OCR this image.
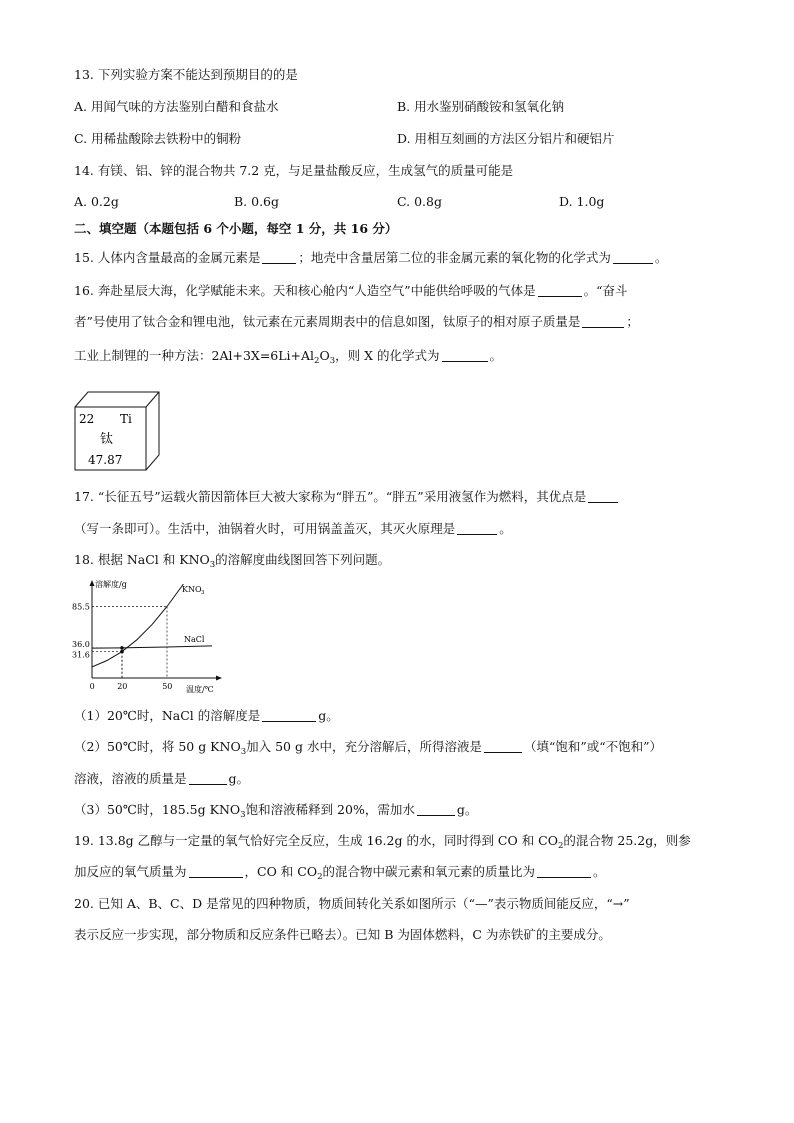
13. 下列实验方案不能达到预期目的的是
A. 用闻气味的方法鉴别白醋和食盐水	B. 用水鉴别硝酸铵和氢氧化钠
C. 用稀盐酸除去铁粉中的铜粉	D. 用相互刻画的方法区分铝片和硬铝片
14. 有镁、铝、锌的混合物共 7.2 克，与足量盐酸反应，生成氢气的质量可能是
A. 0.2g	B. 0.6g	C. 0.8g	D. 1.0g
二、填空题（本题包括 6 个小题，每空 1 分，共 16 分）
15. 人体内含量最高的金属元素是	；地壳中含量居第二位的非金属元素的氧化物的化学式为	。
16. 奔赴星辰大海，化学赋能未来。天和核心舱内“人造空气”中能供给呼吸的气体是	。“奋斗
者”号使用了钛合金和锂电池，钛元素在元素周期表中的信息如图，钛原子的相对原子质量是	；
工业上制锂的一种方法：$2Al+3X=6Li+Al_2O_3$，则 X 的化学式为	。
22 Ti
钛
47.87
17. “长征五号”运载火箭因箭体巨大被大家称为“胖五”。“胖五”采用液氢作为燃料，其优点是
（写一条即可）。生活中，油锅着火时，可用锅盖盖灭，其灭火原理是	。
18. 根据 NaCl 和 $KNO_3$的溶解度曲线图回答下列问题。
溶解度/g
温度/℃
KNO 3
NaCl
85.5
36.0
31.6
0	20	50
（1）20℃时，NaCl 的溶解度是	g。
（2）50℃时，将 50 g $KNO_3$加入 50 g 水中，充分溶解后，所得溶液是	（填“饱和”或“不饱和”）
溶液，溶液的质量是	g。
（3）50℃时，185.5g $KNO_3$饱和溶液稀释到 20%，需加水	g。
19. 13.8g 乙醇与一定量的氧气恰好完全反应，生成 16.2g 的水，同时得到 CO 和 $CO_2$的混合物 25.2g，则参
加反应的氧气质量为	，CO 和 $CO_2$的混合物中碳元素和氧元素的质量比为	。
20. 已知 A、B、C、D 是常见的四种物质，物质间转化关系如图所示（“—”表示物质间能反应，“→”
表示反应一步实现，部分物质和反应条件已略去）。已知 B 为固体燃料，C 为赤铁矿的主要成分。
